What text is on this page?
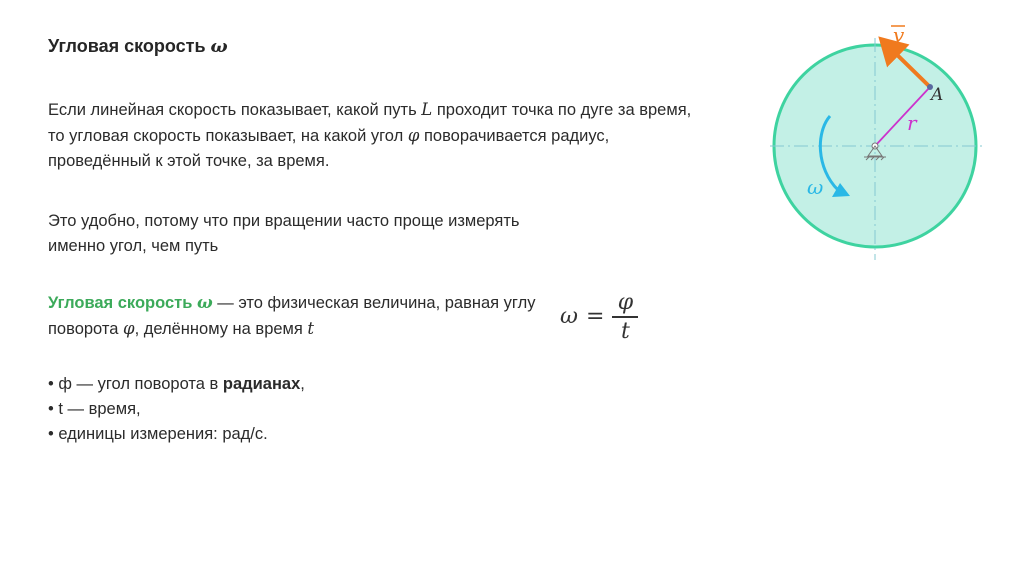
Угловая скорость ω
Если линейная скорость показывает, какой путь L проходит точка по дуге за время, то угловая скорость показывает, на какой угол φ поворачивается радиус, проведённый к этой точке, за время.
Это удобно, потому что при вращении часто проще измерять именно угол, чем путь
Угловая скорость ω — это физическая величина, равная углу поворота φ, делённому на время t	$\omega = \frac{\varphi}{t}$
• ф — угол поворота в радианах,
• t — время,
• единицы измерения: рад/с.
v
A
r
ω
